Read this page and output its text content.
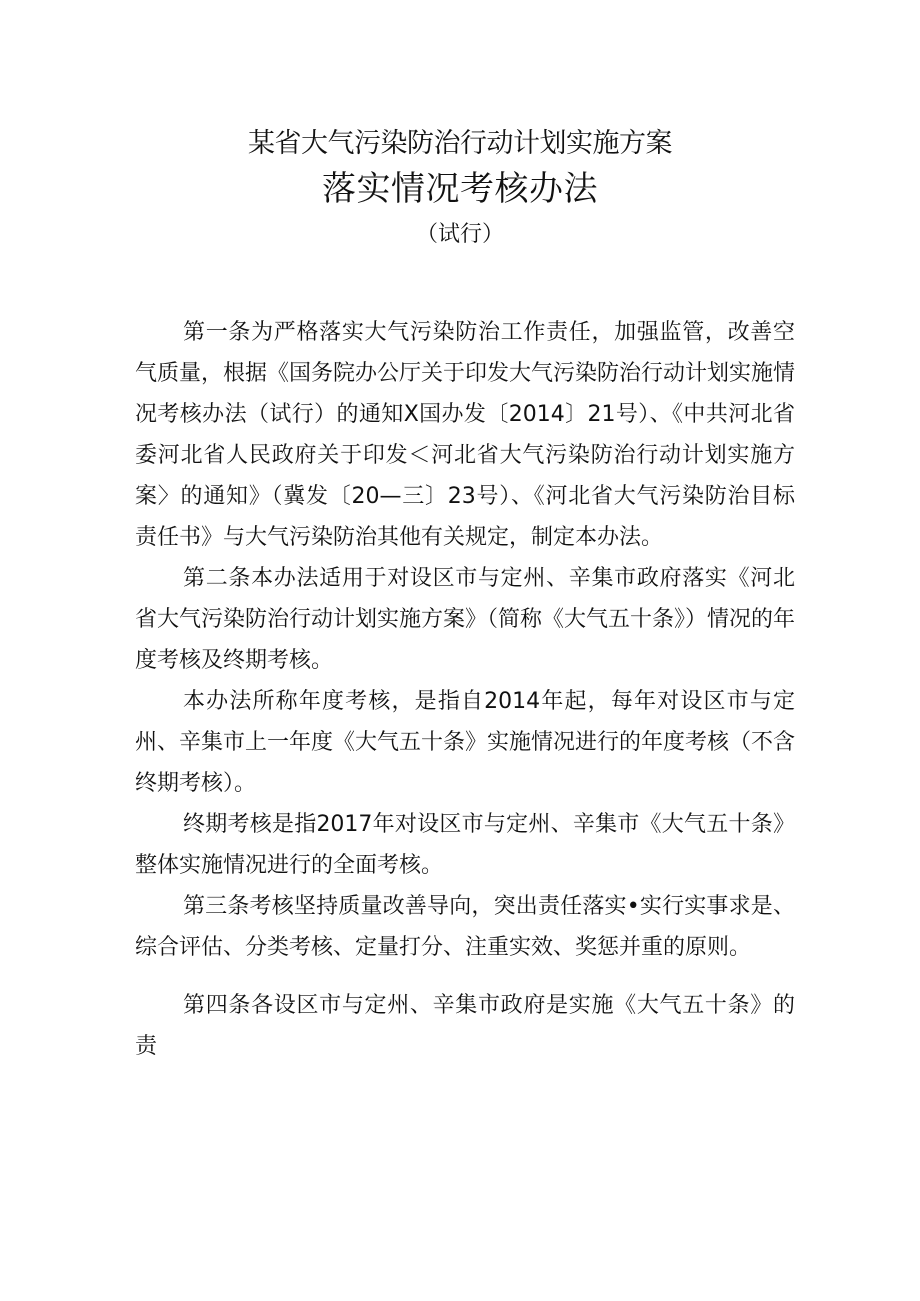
某省大气污染防治行动计划实施方案
落实情况考核办法
（试行）

第一条为严格落实大气污染防治工作责任，加强监管，改善空气质量，根据《国务院办公厅关于印发大气污染防治行动计划实施情况考核办法（试行）的通知X国办发〔2014〕21号）、《中共河北省委河北省人民政府关于印发＜河北省大气污染防治行动计划实施方案〉的通知》（冀发〔20—三〕23号）、《河北省大气污染防治目标责任书》与大气污染防治其他有关规定，制定本办法。

第二条本办法适用于对设区市与定州、辛集市政府落实《河北省大气污染防治行动计划实施方案》（简称《大气五十条》）情况的年度考核及终期考核。

本办法所称年度考核，是指自2014年起，每年对设区市与定州、辛集市上一年度《大气五十条》实施情况进行的年度考核（不含终期考核）。

终期考核是指2017年对设区市与定州、辛集市《大气五十条》整体实施情况进行的全面考核。

第三条考核坚持质量改善导向，突出责任落实•实行实事求是、综合评估、分类考核、定量打分、注重实效、奖惩并重的原则。

第四条各设区市与定州、辛集市政府是实施《大气五十条》的责
